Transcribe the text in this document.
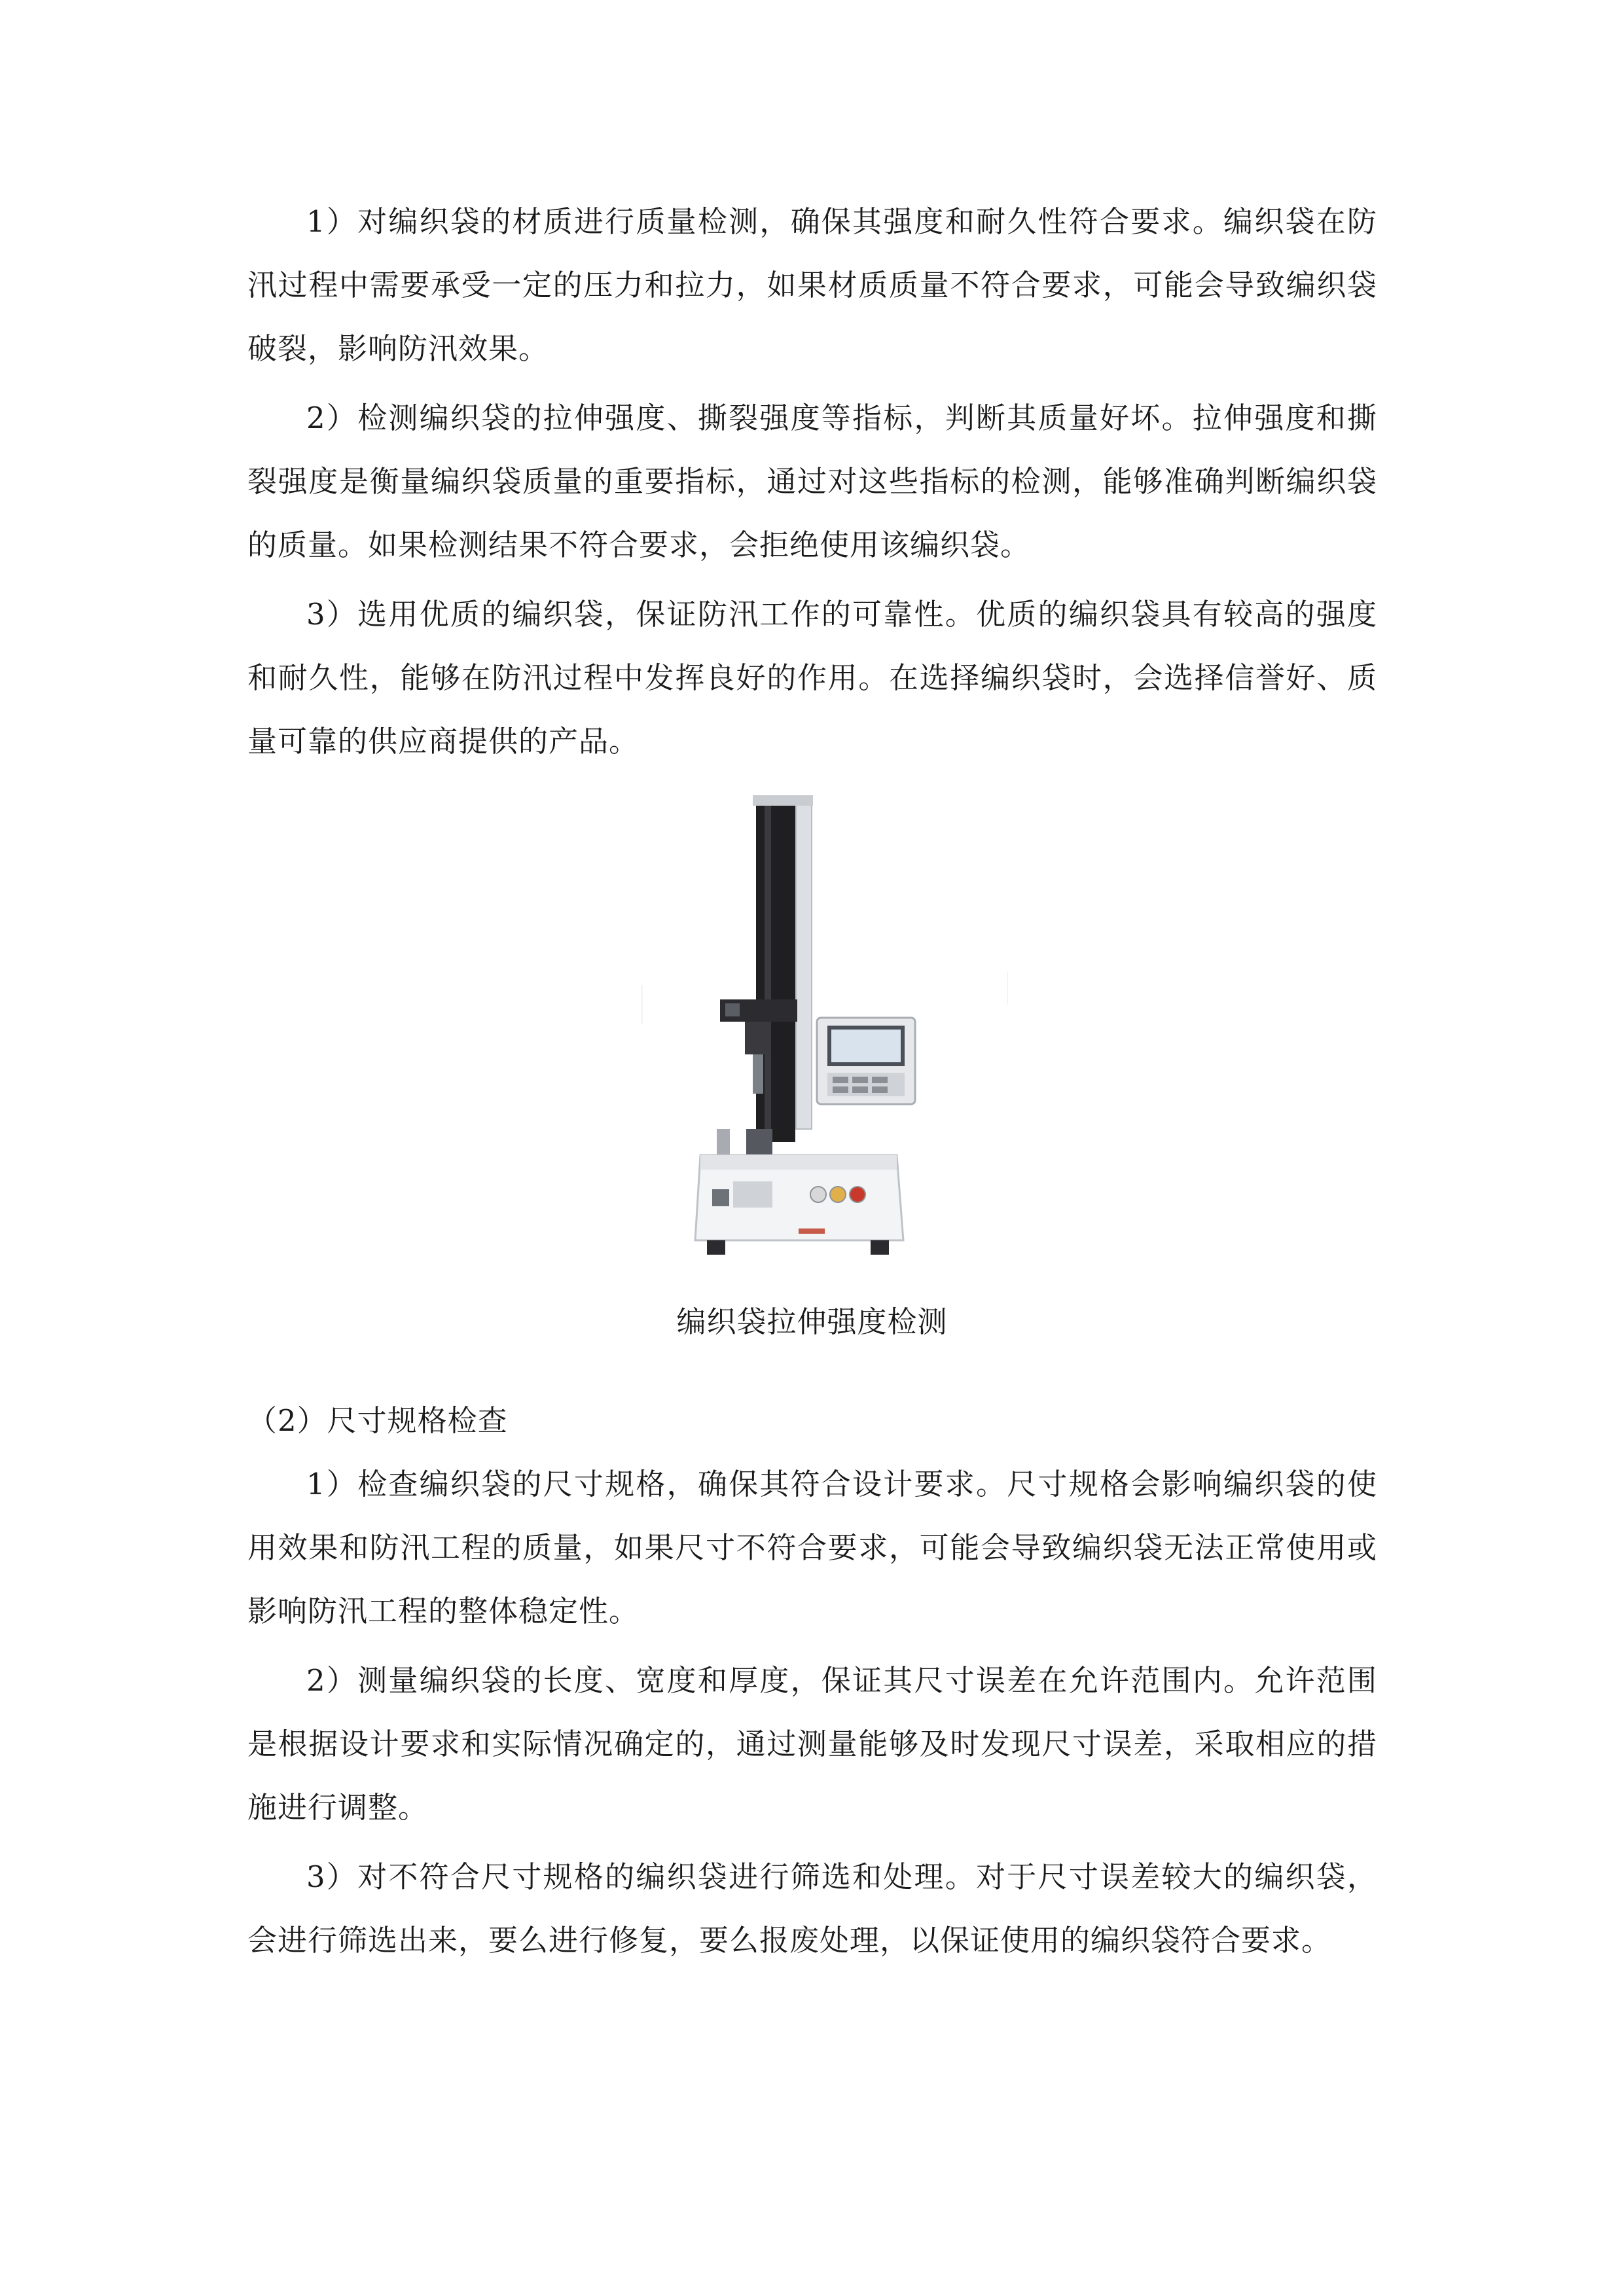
1）对编织袋的材质进行质量检测，确保其强度和耐久性符合要求。编织袋在防汛过程中需要承受一定的压力和拉力，如果材质质量不符合要求，可能会导致编织袋破裂，影响防汛效果。

2）检测编织袋的拉伸强度、撕裂强度等指标，判断其质量好坏。拉伸强度和撕裂强度是衡量编织袋质量的重要指标，通过对这些指标的检测，能够准确判断编织袋的质量。如果检测结果不符合要求，会拒绝使用该编织袋。

3）选用优质的编织袋，保证防汛工作的可靠性。优质的编织袋具有较高的强度和耐久性，能够在防汛过程中发挥良好的作用。在选择编织袋时，会选择信誉好、质量可靠的供应商提供的产品。

编织袋拉伸强度检测

（2）尺寸规格检查

1）检查编织袋的尺寸规格，确保其符合设计要求。尺寸规格会影响编织袋的使用效果和防汛工程的质量，如果尺寸不符合要求，可能会导致编织袋无法正常使用或影响防汛工程的整体稳定性。

2）测量编织袋的长度、宽度和厚度，保证其尺寸误差在允许范围内。允许范围是根据设计要求和实际情况确定的，通过测量能够及时发现尺寸误差，采取相应的措施进行调整。

3）对不符合尺寸规格的编织袋进行筛选和处理。对于尺寸误差较大的编织袋，会进行筛选出来，要么进行修复，要么报废处理，以保证使用的编织袋符合要求。
